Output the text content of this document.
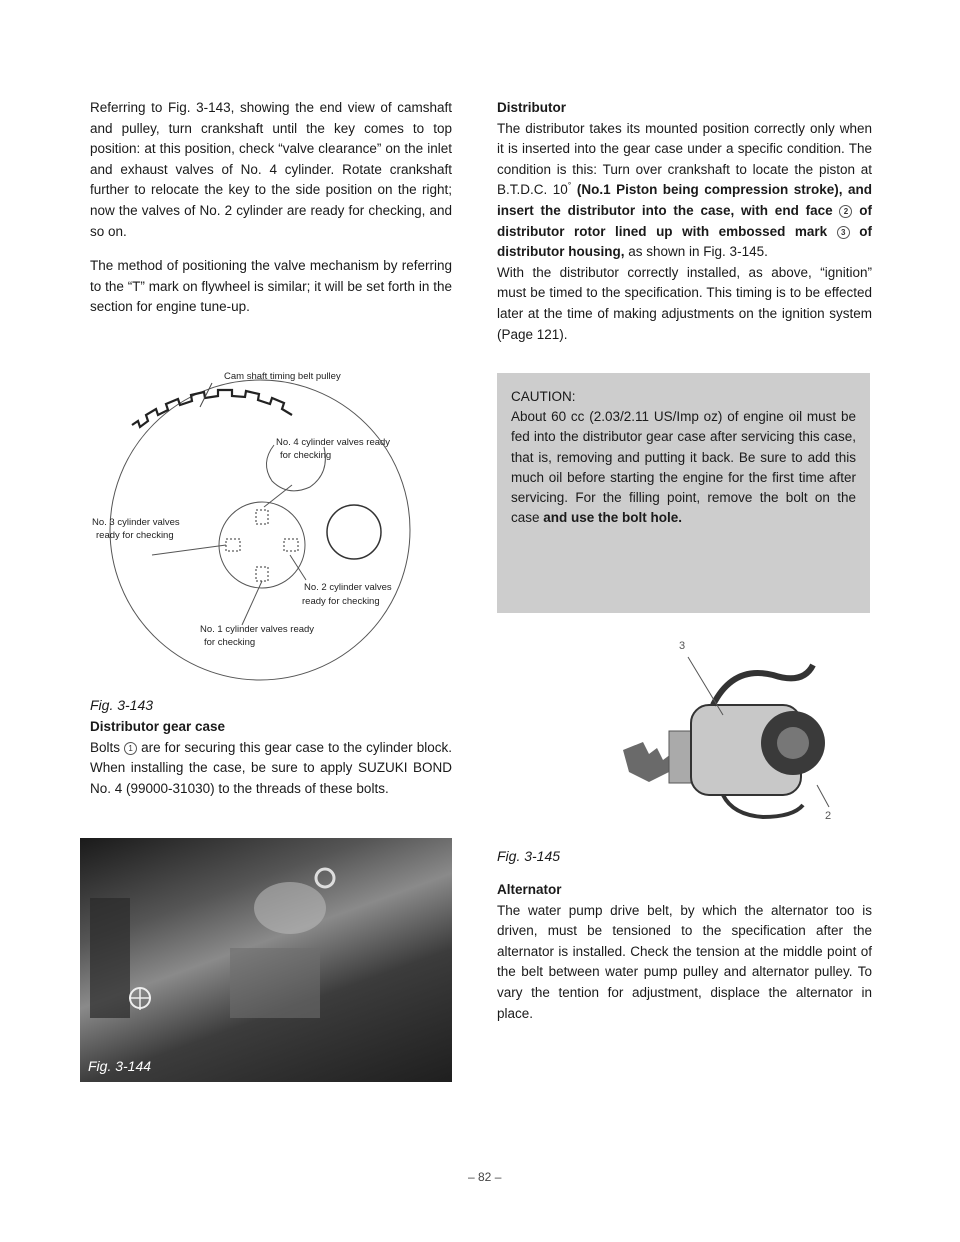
Referring to Fig. 3-143, showing the end view of camshaft and pulley, turn crankshaft until the key comes to top position: at this position, check “valve clearance” on the inlet and exhaust valves of No. 4 cylinder. Rotate crankshaft further to relocate the key to the side position on the right; now the valves of No. 2 cylinder are ready for checking, and so on.

The method of positioning the valve mechanism by referring to the “T” mark on flywheel is similar; it will be set forth in the section for engine tune-up.

Cam shaft timing belt pulley
No. 4 cylinder valves ready
for checking
No. 3 cylinder valves
ready for checking
No. 2 cylinder valves
ready for checking
No. 1 cylinder valves ready
for checking
Fig. 3-143

Distributor gear case

Bolts 1 are for securing this gear case to the cylinder block. When installing the case, be sure to apply SUZUKI BOND No. 4 (99000-31030) to the threads of these bolts.

Fig. 3-144

Distributor

The distributor takes its mounted position correctly only when it is inserted into the gear case under a specific condition. The condition is this: Turn over crankshaft to locate the piston at B.T.D.C. 10° (No.1 Piston being compression stroke), and insert the distributor into the case, with end face 2 of distributor rotor lined up with embossed mark 3 of distributor housing, as shown in Fig. 3-145.

With the distributor correctly installed, as above, “ignition” must be timed to the specification. This timing is to be effected later at the time of making adjustments on the ignition system (Page 121).

CAUTION:

About 60 cc (2.03/2.11 US/Imp oz) of engine oil must be fed into the distributor gear case after servicing this case, that is, removing and putting it back. Be sure to add this much oil before starting the engine for the first time after servicing. For the filling point, remove the bolt on the case and use the bolt hole.

3
2
Fig. 3-145

Alternator

The water pump drive belt, by which the alternator too is driven, must be tensioned to the specification after the alternator is installed. Check the tension at the middle point of the belt between water pump pulley and alternator pulley. To vary the tention for adjustment, displace the alternator in place.

– 82 –
